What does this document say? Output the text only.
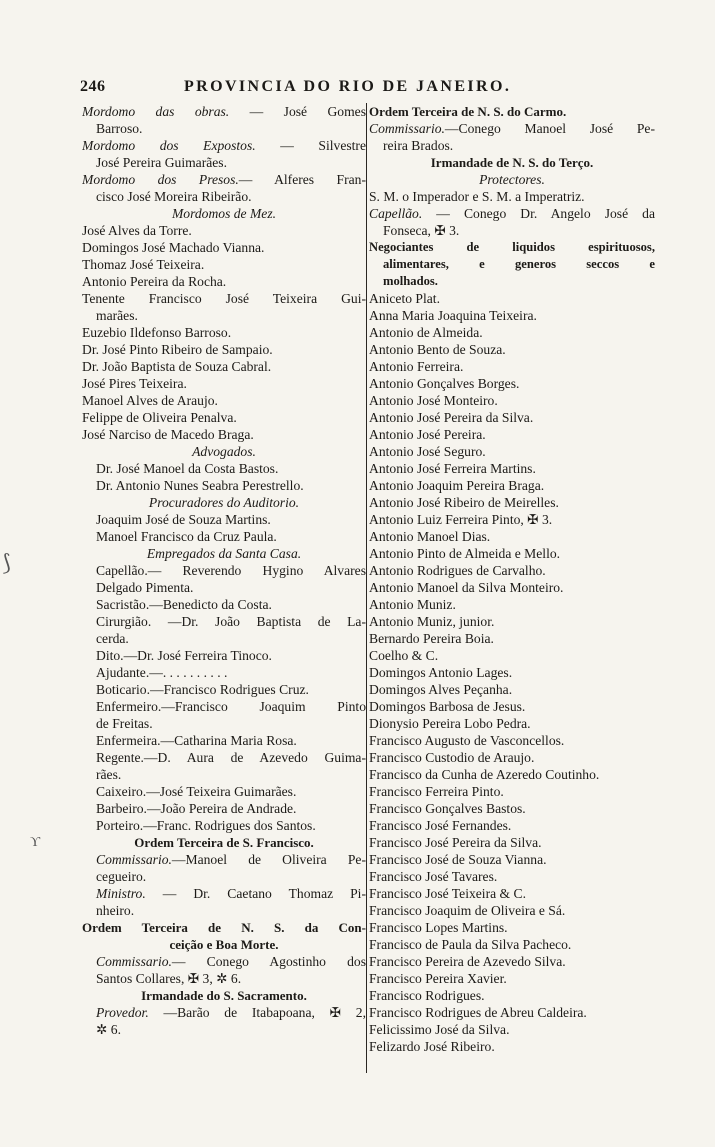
246	PROVINCIA DO RIO DE JANEIRO.
Mordomo das obras. — José Gomes
Barroso.
Mordomo dos Expostos. — Silvestre
José Pereira Guimarães.
Mordomo dos Presos.— Alferes Fran-
cisco José Moreira Ribeirão.
Mordomos de Mez.
José Alves da Torre.
Domingos José Machado Vianna.
Thomaz José Teixeira.
Antonio Pereira da Rocha.
Tenente Francisco José Teixeira Gui-
marães.
Euzebio Ildefonso Barroso.
Dr. José Pinto Ribeiro de Sampaio.
Dr. João Baptista de Souza Cabral.
José Pires Teixeira.
Manoel Alves de Araujo.
Felippe de Oliveira Penalva.
José Narciso de Macedo Braga.
Advogados.
Dr. José Manoel da Costa Bastos.
Dr. Antonio Nunes Seabra Perestrello.
Procuradores do Auditorio.
Joaquim José de Souza Martins.
Manoel Francisco da Cruz Paula.
Empregados da Santa Casa.
Capellão.— Reverendo Hygino Alvares
Delgado Pimenta.
Sacristão.—Benedicto da Costa.
Cirurgião. —Dr. João Baptista de La-
cerda.
Dito.—Dr. José Ferreira Tinoco.
Ajudante.—. . . . . . . . . .
Boticario.—Francisco Rodrigues Cruz.
Enfermeiro.—Francisco Joaquim Pinto
de Freitas.
Enfermeira.—Catharina Maria Rosa.
Regente.—D. Aura de Azevedo Guima-
rães.
Caixeiro.—José Teixeira Guimarães.
Barbeiro.—João Pereira de Andrade.
Porteiro.—Franc. Rodrigues dos Santos.
Ordem Terceira de S. Francisco.
Commissario.—Manoel de Oliveira Pe-
cegueiro.
Ministro. — Dr. Caetano Thomaz Pi-
nheiro.
Ordem Terceira de N. S. da Con-
ceição e Boa Morte.
Commissario.— Conego Agostinho dos
Santos Collares, ✠ 3, ✲ 6.
Irmandade do S. Sacramento.
Provedor. —Barão de Itabapoana, ✠ 2,
✲ 6.
Ordem Terceira de N. S. do Carmo.
Commissario.—Conego Manoel José Pe-
reira Brados.
Irmandade de N. S. do Terço.
Protectores.
S. M. o Imperador e S. M. a Imperatriz.
Capellão. — Conego Dr. Angelo José da
Fonseca, ✠ 3.
Negociantes de liquidos espirituosos,
alimentares, e generos seccos e
molhados.
Aniceto Plat.
Anna Maria Joaquina Teixeira.
Antonio de Almeida.
Antonio Bento de Souza.
Antonio Ferreira.
Antonio Gonçalves Borges.
Antonio José Monteiro.
Antonio José Pereira da Silva.
Antonio José Pereira.
Antonio José Seguro.
Antonio José Ferreira Martins.
Antonio Joaquim Pereira Braga.
Antonio José Ribeiro de Meirelles.
Antonio Luiz Ferreira Pinto, ✠ 3.
Antonio Manoel Dias.
Antonio Pinto de Almeida e Mello.
Antonio Rodrigues de Carvalho.
Antonio Manoel da Silva Monteiro.
Antonio Muniz.
Antonio Muniz, junior.
Bernardo Pereira Boia.
Coelho & C.
Domingos Antonio Lages.
Domingos Alves Peçanha.
Domingos Barbosa de Jesus.
Dionysio Pereira Lobo Pedra.
Francisco Augusto de Vasconcellos.
Francisco Custodio de Araujo.
Francisco da Cunha de Azeredo Coutinho.
Francisco Ferreira Pinto.
Francisco Gonçalves Bastos.
Francisco José Fernandes.
Francisco José Pereira da Silva.
Francisco José de Souza Vianna.
Francisco José Tavares.
Francisco José Teixeira & C.
Francisco Joaquim de Oliveira e Sá.
Francisco Lopes Martins.
Francisco de Paula da Silva Pacheco.
Francisco Pereira de Azevedo Silva.
Francisco Pereira Xavier.
Francisco Rodrigues.
Francisco Rodrigues de Abreu Caldeira.
Felicissimo José da Silva.
Felizardo José Ribeiro.
⟆
ϒ
